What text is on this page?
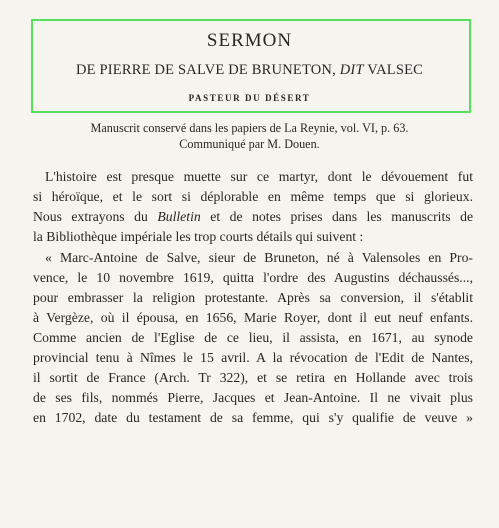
SERMON
DE PIERRE DE SALVE DE BRUNETON, DIT VALSEC
PASTEUR DU DÉSERT
Manuscrit conservé dans les papiers de La Reynie, vol. VI, p. 63.
Communiqué par M. Douen.
L'histoire est presque muette sur ce martyr, dont le dévouement fut
si héroïque, et le sort si déplorable en même temps que si glorieux.
Nous extrayons du Bulletin et de notes prises dans les manuscrits de
la Bibliothèque impériale les trop courts détails qui suivent :
« Marc-Antoine de Salve, sieur de Bruneton, né à Valensoles en Pro-
vence, le 10 novembre 1619, quitta l'ordre des Augustins déchaussés...,
pour embrasser la religion protestante. Après sa conversion, il s'établit
à Vergèze, où il épousa, en 1656, Marie Royer, dont il eut neuf enfants.
Comme ancien de l'Eglise de ce lieu, il assista, en 1671, au synode
provincial tenu à Nîmes le 15 avril. A la révocation de l'Edit de Nantes,
il sortit de France (Arch. Tr 322), et se retira en Hollande avec trois
de ses fils, nommés Pierre, Jacques et Jean-Antoine. Il ne vivait plus
en 1702, date du testament de sa femme, qui s'y qualifie de veuve »
